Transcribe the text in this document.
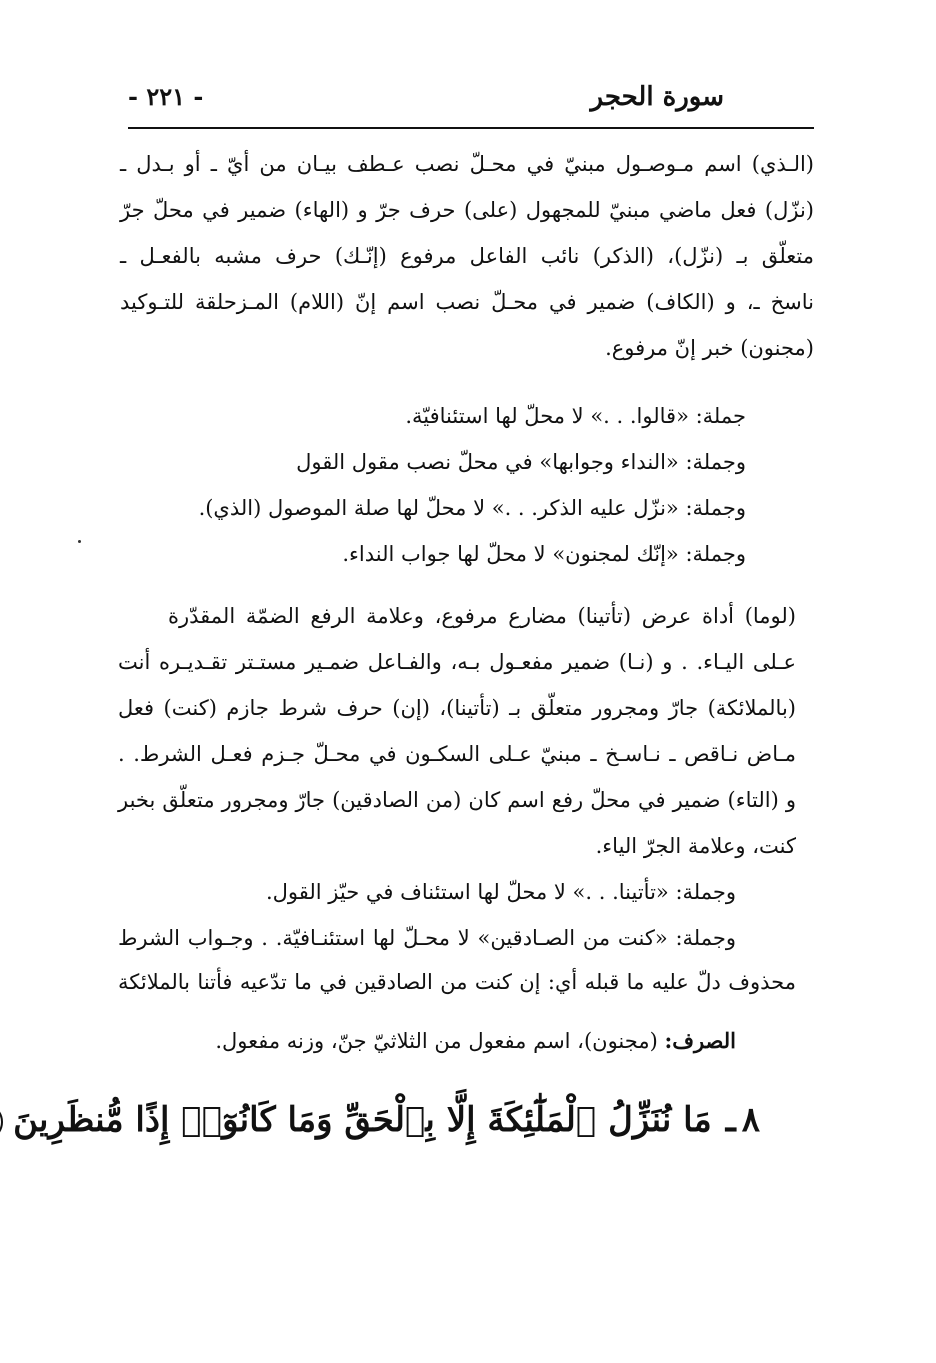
سورة الحجر
- ٢٢١ -
(الـذي) اسم مـوصـول مبنيّ في محـلّ نصب عـطف بيـان من أيّ ـ أو بـدل ـ
(نزّل) فعل ماضي مبنيّ للمجهول (على) حرف جرّ و (الهاء) ضمير في محلّ جرّ
متعلّق بـ (نزّل)، (الذكر) نائب الفاعل مرفوع (إنّـك) حرف مشبه بالفعـل ـ
ناسخ ـ، و (الكاف) ضمير في محـلّ نصب اسم إنّ (اللام) المـزحلقة للتـوكيد
(مجنون) خبر إنّ مرفوع.
جملة: «قالوا. . .» لا محلّ لها استئنافيّة.
وجملة: «النداء وجوابها» في محلّ نصب مقول القول
وجملة: «نزّل عليه الذكر. . .» لا محلّ لها صلة الموصول (الذي).
وجملة: «إنّك لمجنون» لا محلّ لها جواب النداء.
(لوما) أداة عرض (تأتينا) مضارع مرفوع، وعلامة الرفع الضمّة المقدّرة
عـلى اليـاء. . و (نـا) ضمير مفعـول بـه، والفـاعل ضمـير مستـتر تقـديـره أنت
(بالملائكة) جارّ ومجرور متعلّق بـ (تأتينا)، (إن) حرف شرط جازم (كنت) فعل
مـاض نـاقص ـ نـاسـخ ـ مبنيّ عـلى السكـون في محـلّ جـزم فعـل الشرط. .
و (التاء) ضمير في محلّ رفع اسم كان (من الصادقين) جارّ ومجرور متعلّق بخبر
كنت، وعلامة الجرّ الياء.
وجملة: «تأتينا. . .» لا محلّ لها استئناف في حيّز القول.
وجملة: «كنت من الصـادقين» لا محـلّ لها استئنـافيّة. . وجـواب الشرط
محذوف دلّ عليه ما قبله أي: إن كنت من الصادقين في ما تدّعيه فأتنا بالملائكة
الصرف: (مجنون)، اسم مفعول من الثلاثيّ جنّ، وزنه مفعول.
٨ـمَا نُنَزِّلُ ٱلْمَلَٰٓئِكَةَ إِلَّا بِٱلْحَقِّ وَمَا كَانُوٓا۟ إِذًا مُّنظَرِينَ
